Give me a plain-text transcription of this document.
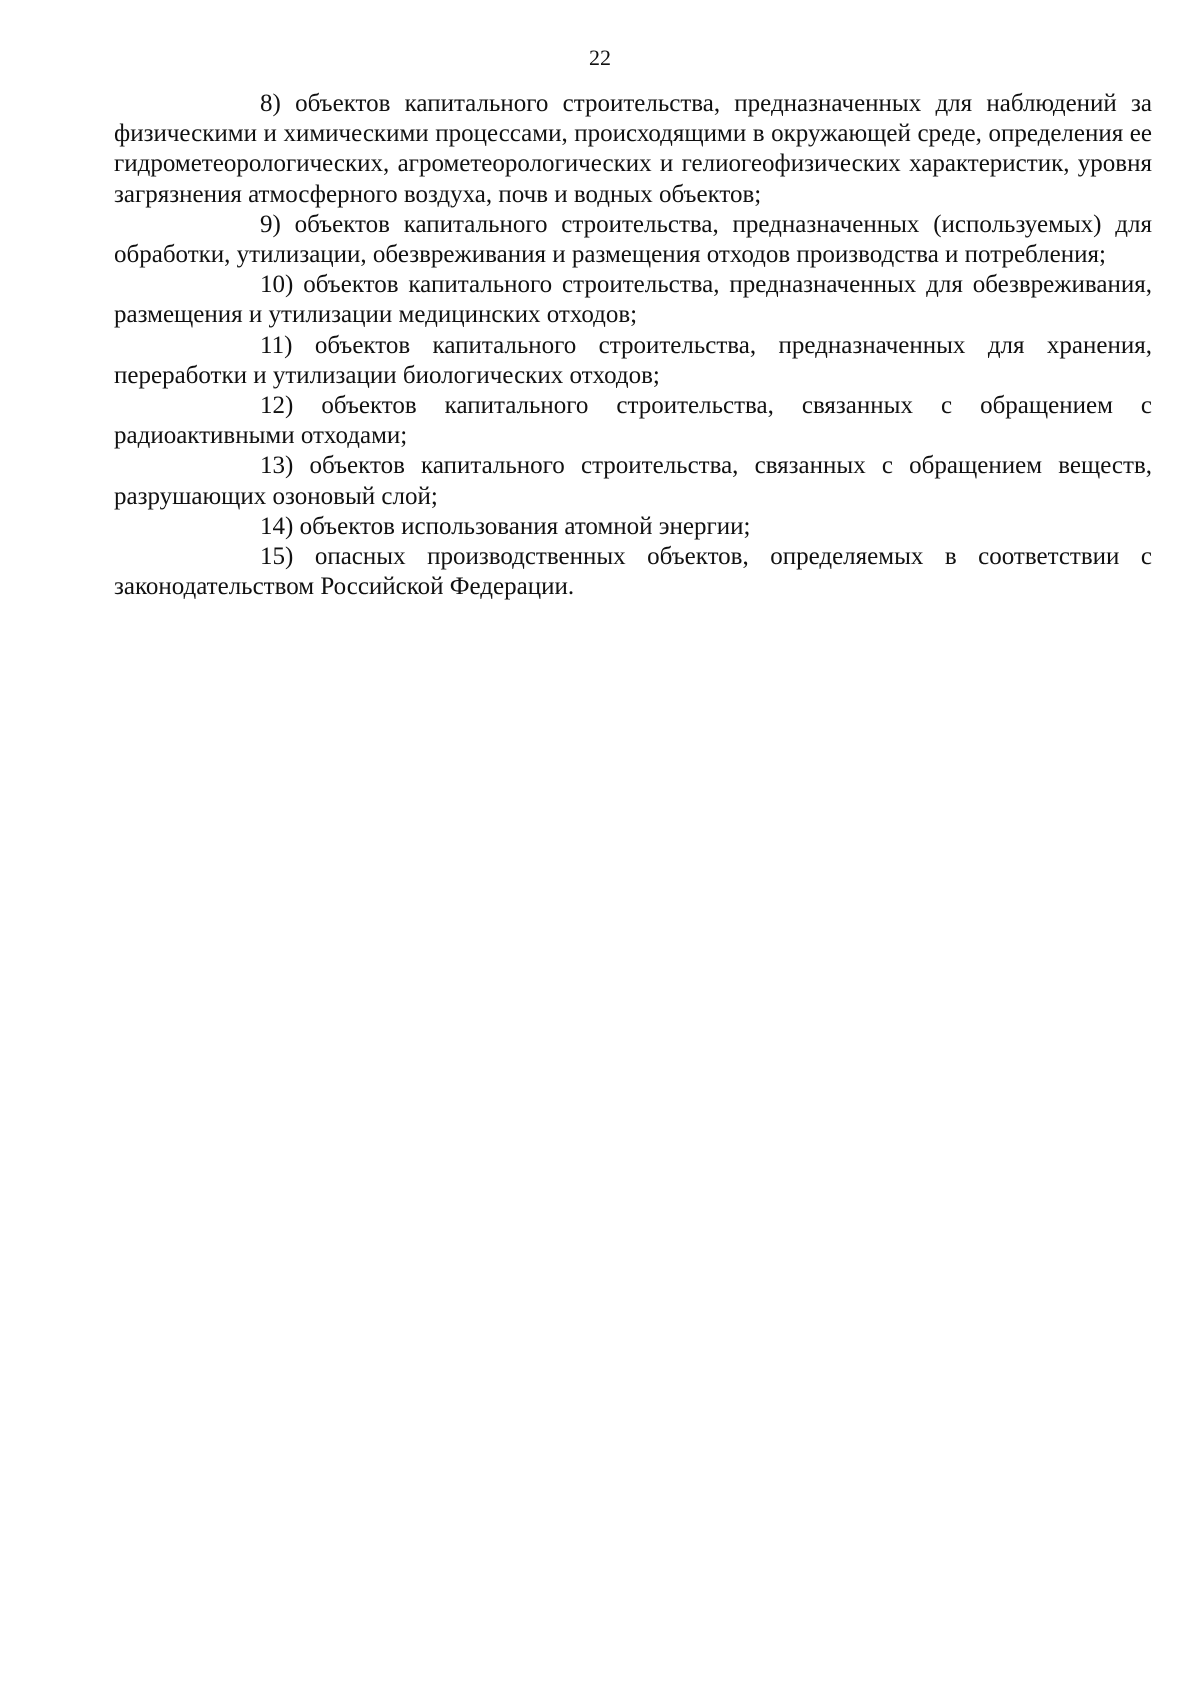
22

8) объектов капитального строительства, предназначенных для наблюдений за физическими и химическими процессами, происходящими в окружающей среде, определения ее гидрометеорологических, агрометеорологических и гелиогеофизических характеристик, уровня загрязнения атмосферного воздуха, почв и водных объектов;

9) объектов капитального строительства, предназначенных (используемых) для обработки, утилизации, обезвреживания и размещения отходов производства и потребления;

10) объектов капитального строительства, предназначенных для обезвреживания, размещения и утилизации медицинских отходов;

11) объектов капитального строительства, предназначенных для хранения, переработки и утилизации биологических отходов;

12) объектов капитального строительства, связанных с обращением с радиоактивными отходами;

13) объектов капитального строительства, связанных с обращением веществ, разрушающих озоновый слой;

14) объектов использования атомной энергии;

15) опасных производственных объектов, определяемых в соответствии с законодательством Российской Федерации.
